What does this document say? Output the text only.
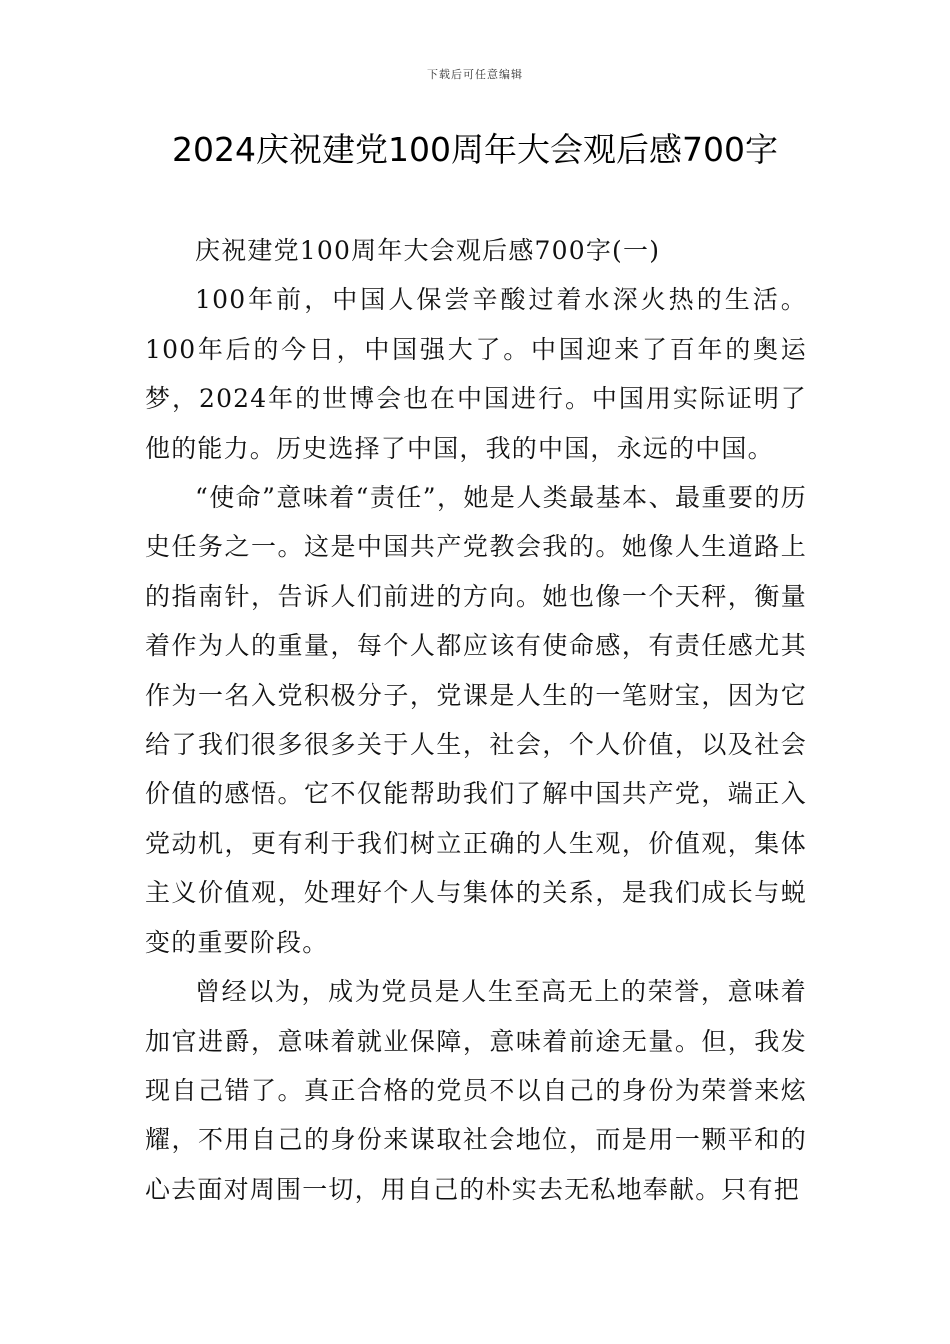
下载后可任意编辑
2024庆祝建党100周年大会观后感700字

庆祝建党100周年大会观后感700字(一)

100年前，中国人保尝辛酸过着水深火热的生活。100年后的今日，中国强大了。中国迎来了百年的奥运梦，2024年的世博会也在中国进行。中国用实际证明了他的能力。历史选择了中国，我的中国，永远的中国。

“使命”意味着“责任”，她是人类最基本、最重要的历史任务之一。这是中国共产党教会我的。她像人生道路上的指南针，告诉人们前进的方向。她也像一个天秤，衡量着作为人的重量，每个人都应该有使命感，有责任感尤其作为一名入党积极分子，党课是人生的一笔财宝，因为它给了我们很多很多关于人生，社会，个人价值，以及社会价值的感悟。它不仅能帮助我们了解中国共产党，端正入党动机，更有利于我们树立正确的人生观，价值观，集体主义价值观，处理好个人与集体的关系，是我们成长与蜕变的重要阶段。

曾经以为，成为党员是人生至高无上的荣誉，意味着加官进爵，意味着就业保障，意味着前途无量。但，我发现自己错了。真正合格的党员不以自己的身份为荣誉来炫耀，不用自己的身份来谋取社会地位，而是用一颗平和的心去面对周围一切，用自己的朴实去无私地奉献。只有把
